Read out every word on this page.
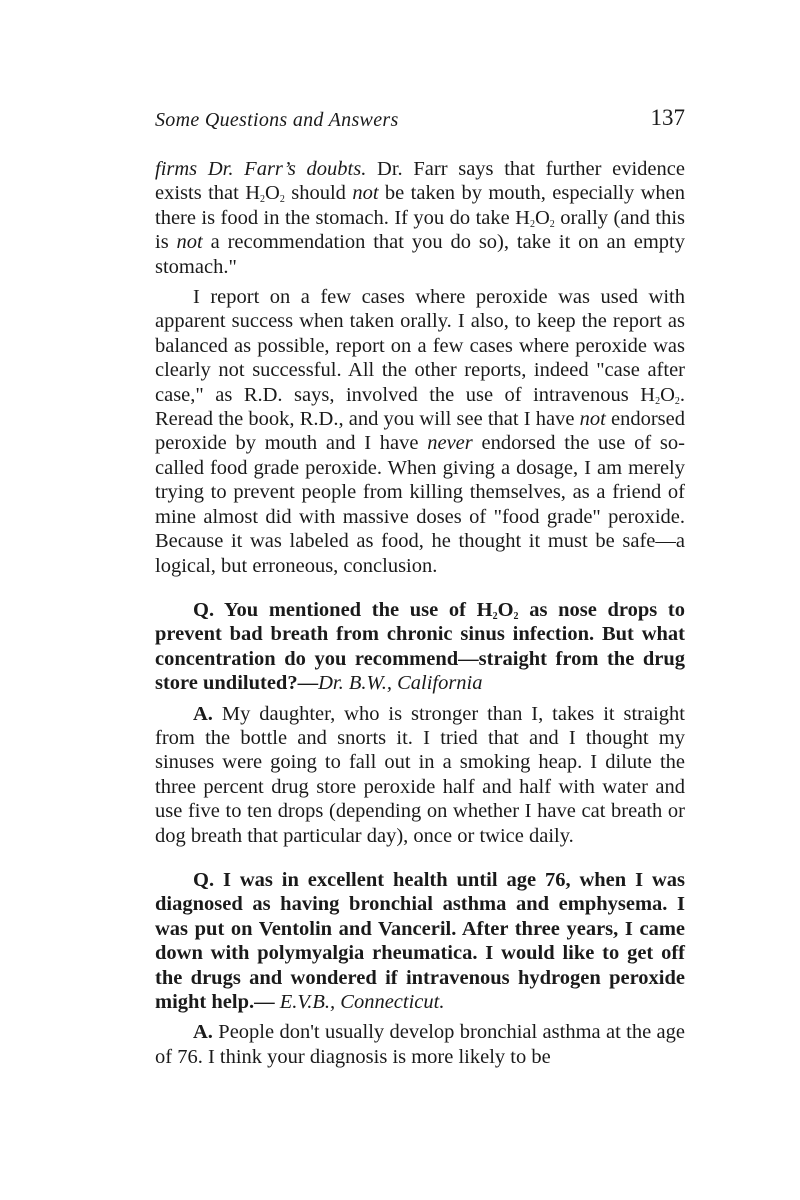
Some Questions and Answers	137

firms Dr. Farr’s doubts. Dr. Farr says that further evidence exists that $H_2O_2$ should not be taken by mouth, especially when there is food in the stomach. If you do take $H_2O_2$ orally (and this is not a recommendation that you do so), take it on an empty stomach."

I report on a few cases where peroxide was used with apparent success when taken orally. I also, to keep the report as balanced as possible, report on a few cases where peroxide was clearly not successful. All the other reports, indeed "case after case," as R.D. says, involved the use of intravenous $H_2O_2$. Reread the book, R.D., and you will see that I have not endorsed peroxide by mouth and I have never endorsed the use of so-called food grade peroxide. When giving a dosage, I am merely trying to prevent people from killing themselves, as a friend of mine almost did with massive doses of "food grade" peroxide. Because it was labeled as food, he thought it must be safe—a logical, but erroneous, conclusion.

Q. You mentioned the use of $H_2O_2$ as nose drops to prevent bad breath from chronic sinus infection. But what concentration do you recommend—straight from the drug store undiluted?—Dr. B.W., California

A. My daughter, who is stronger than I, takes it straight from the bottle and snorts it. I tried that and I thought my sinuses were going to fall out in a smoking heap. I dilute the three percent drug store peroxide half and half with water and use five to ten drops (depending on whether I have cat breath or dog breath that particular day), once or twice daily.

Q. I was in excellent health until age 76, when I was diagnosed as having bronchial asthma and emphysema. I was put on Ventolin and Vanceril. After three years, I came down with polymyalgia rheumatica. I would like to get off the drugs and wondered if intravenous hydrogen peroxide might help.— E.V.B., Connecticut.

A. People don't usually develop bronchial asthma at the age of 76. I think your diagnosis is more likely to be
